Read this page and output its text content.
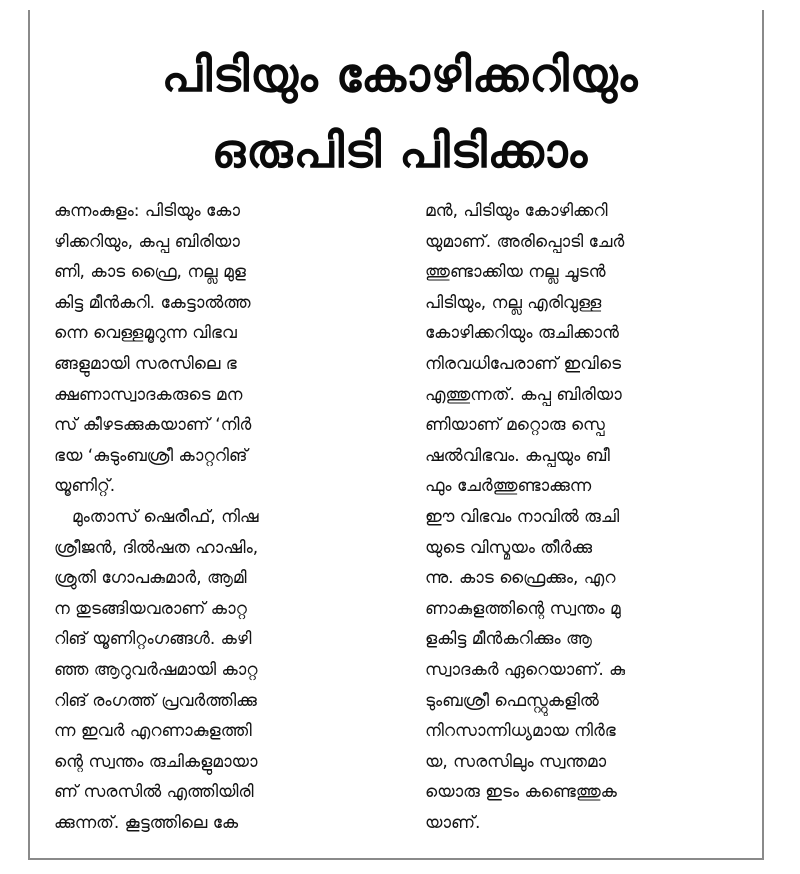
പിടിയും കോഴിക്കറിയും
ഒരുപിടി പിടിക്കാം
കുന്നംകുളം: പിടിയും കോ
ഴിക്കറിയും, കപ്പ ബിരിയാ
ണി, കാട ഫ്രൈ, നല്ല മുള
കിട്ട മീൻകറി. കേട്ടാൽത്ത
ന്നെ വെള്ളമൂറുന്ന വിഭവ
ങ്ങളുമായി സരസിലെ ഭ
ക്ഷണാസ്വാദകരുടെ മന
സ് കീഴടക്കുകയാണ് ‘നിർ
ഭയ ‘കുടുംബശ്രീ കാറ്ററിങ്
യൂണിറ്റ്.
മുംതാസ് ഷെരീഫ്, നിഷ
ശ്രീജൻ, ദിൽഷത ഹാഷിം,
ശ്രുതി ഗോപകുമാർ, ആമി
ന തുടങ്ങിയവരാണ് കാറ്റ
റിങ് യൂണിറ്റംഗങ്ങൾ. കഴി
ഞ്ഞ ആറുവർഷമായി കാറ്റ
റിങ് രംഗത്ത് പ്രവർത്തിക്കു
ന്ന ഇവർ എറണാകുളത്തി
ന്റെ സ്വന്തം രുചികളുമായാ
ണ് സരസിൽ എത്തിയിരി
ക്കുന്നത്. കൂട്ടത്തിലെ കേ
മൻ, പിടിയും കോഴിക്കറി
യുമാണ്. അരിപ്പൊടി ചേർ
ത്തുണ്ടാക്കിയ നല്ല ചൂടൻ
പിടിയും, നല്ല എരിവുള്ള
കോഴിക്കറിയും രുചിക്കാൻ
നിരവധിപേരാണ് ഇവിടെ
എത്തുന്നത്. കപ്പ ബിരിയാ
ണിയാണ് മറ്റൊരു സ്പെ
ഷൽവിഭവം. കപ്പയും ബീ
ഫും ചേർത്തുണ്ടാക്കുന്ന
ഈ വിഭവം നാവിൽ രുചി
യുടെ വിസ്മയം തീർക്കു
ന്നു. കാട ഫ്രൈക്കും, എറ
ണാകുളത്തിന്റെ സ്വന്തം മു
ളകിട്ട മീൻകറിക്കും ആ
സ്വാദകർ ഏറെയാണ്. കു
ടുംബശ്രീ ഫെസ്റ്റുകളിൽ
നിറസാന്നിധ്യമായ നിർഭ
യ, സരസിലും സ്വന്തമാ
യൊരു ഇടം കണ്ടെത്തുക
യാണ്.
